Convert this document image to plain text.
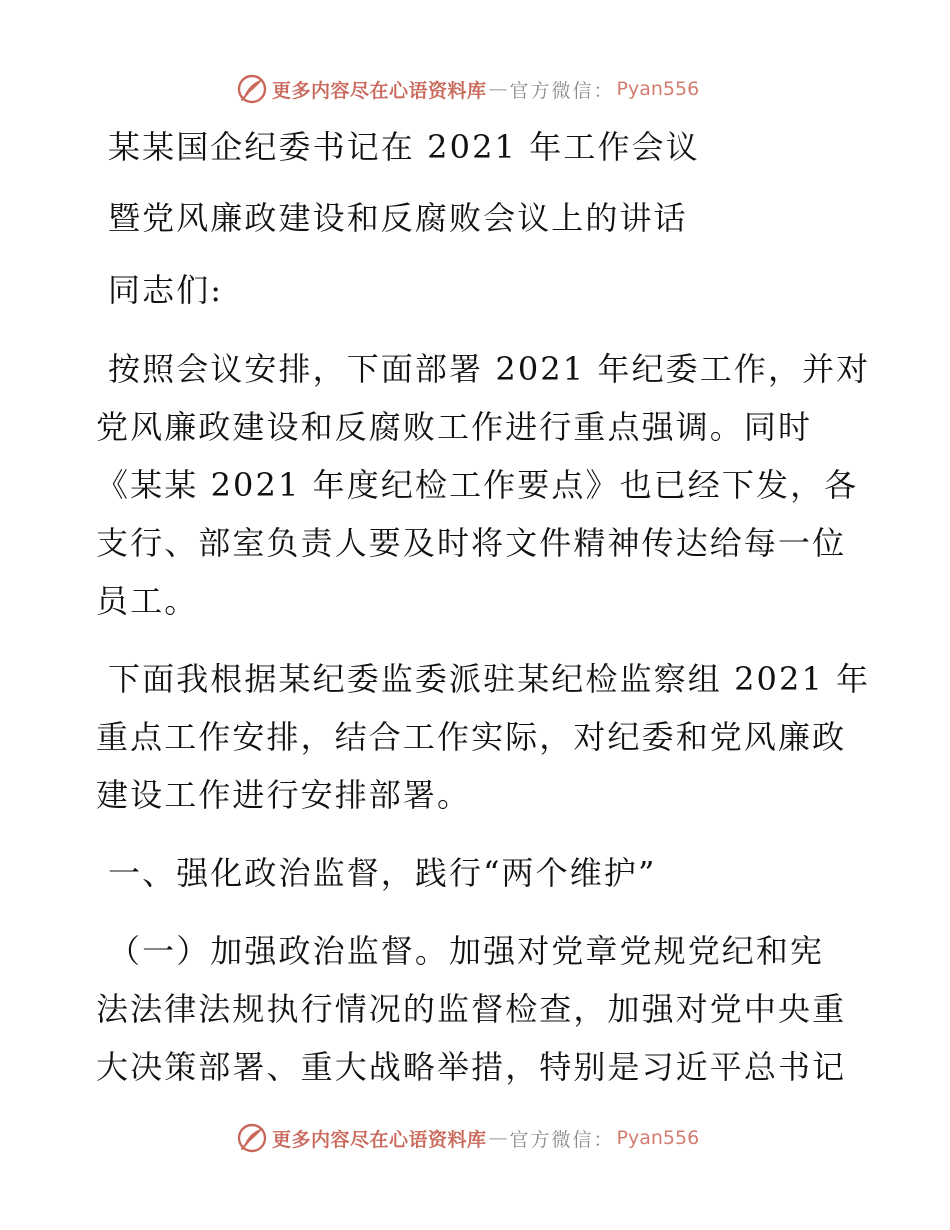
更多内容尽在心语资料库 — 官方微信： Pyan556
某某国企纪委书记在 2021 年工作会议
暨党风廉政建设和反腐败会议上的讲话
同志们:
按照会议安排，下面部署 2021 年纪委工作，并对
党风廉政建设和反腐败工作进行重点强调。同时
《某某 2021 年度纪检工作要点》也已经下发，各
支行、部室负责人要及时将文件精神传达给每一位
员工。
下面我根据某纪委监委派驻某纪检监察组 2021 年
重点工作安排，结合工作实际，对纪委和党风廉政
建设工作进行安排部署。
一、强化政治监督，践行“两个维护”
（一）加强政治监督。加强对党章党规党纪和宪
法法律法规执行情况的监督检查，加强对党中央重
大决策部署、重大战略举措，特别是习近平总书记
更多内容尽在心语资料库 — 官方微信： Pyan556
